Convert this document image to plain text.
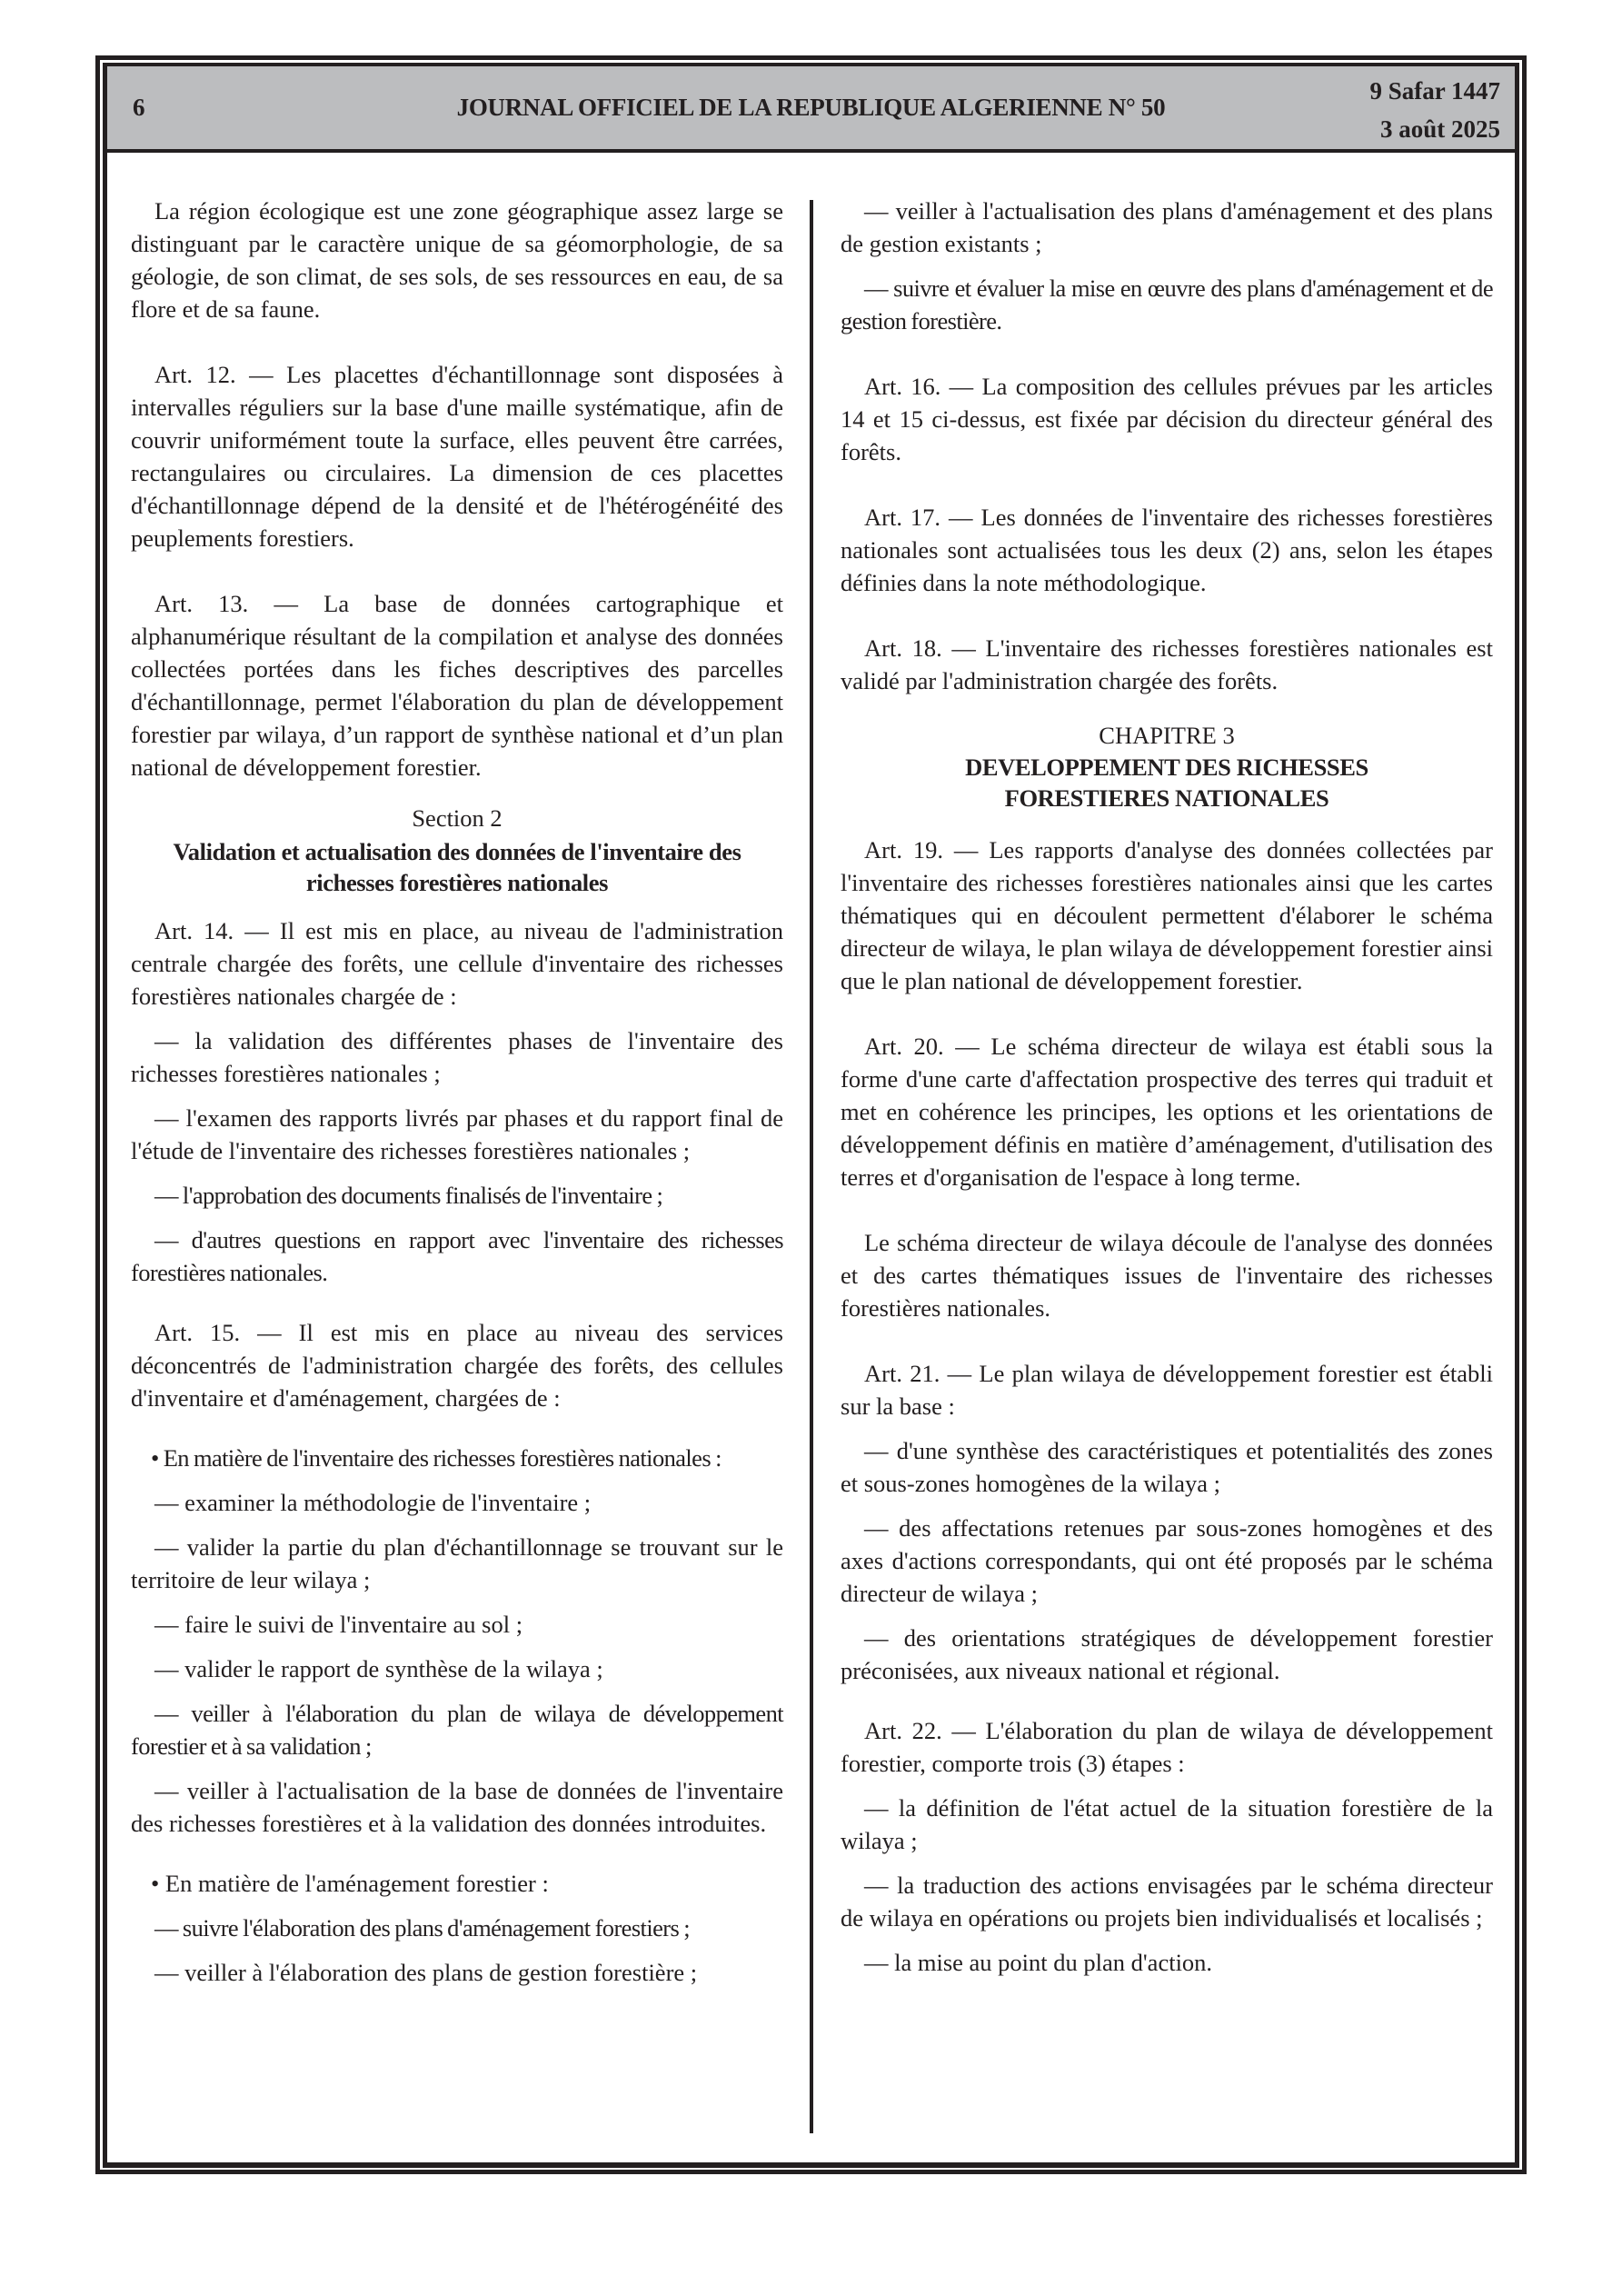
JOURNAL OFFICIEL DE LA REPUBLIQUE ALGERIENNE N° 50
6
9 Safar 1447
3 août 2025

La région écologique est une zone géographique assez large se distinguant par le caractère unique de sa géomorphologie, de sa géologie, de son climat, de ses sols, de ses ressources en eau, de sa flore et de sa faune.

Art. 12. — Les placettes d'échantillonnage sont disposées à intervalles réguliers sur la base d'une maille systématique, afin de couvrir uniformément toute la surface, elles peuvent être carrées, rectangulaires ou circulaires. La dimension de ces placettes d'échantillonnage dépend de la densité et de l'hétérogénéité des peuplements forestiers.

Art. 13. — La base de données cartographique et alphanumérique résultant de la compilation et analyse des données collectées portées dans les fiches descriptives des parcelles d'échantillonnage, permet l'élaboration du plan de développement forestier par wilaya, d’un rapport de synthèse national et d’un plan national de développement forestier.

Section 2

Validation et actualisation des données de l'inventaire des richesses forestières nationales

Art. 14. — Il est mis en place, au niveau de l'administration centrale chargée des forêts, une cellule d'inventaire des richesses forestières nationales chargée de :

— la validation des différentes phases de l'inventaire des richesses forestières nationales ;

— l'examen des rapports livrés par phases et du rapport final de l'étude de l'inventaire des richesses forestières nationales ;

— l'approbation des documents finalisés de l'inventaire ;

— d'autres questions en rapport avec l'inventaire des richesses forestières nationales.

Art. 15. — Il est mis en place au niveau des services déconcentrés de l'administration chargée des forêts, des cellules d'inventaire et d'aménagement, chargées de :

• En matière de l'inventaire des richesses forestières nationales :

— examiner la méthodologie de l'inventaire ;

— valider la partie du plan d'échantillonnage se trouvant sur le territoire de leur wilaya ;

— faire le suivi de l'inventaire au sol ;

— valider le rapport de synthèse de la wilaya ;

— veiller à l'élaboration du plan de wilaya de développement forestier et à sa validation ;

— veiller à l'actualisation de la base de données de l'inventaire des richesses forestières et à la validation des données introduites.

• En matière de l'aménagement forestier :

— suivre l'élaboration des plans d'aménagement forestiers ;

— veiller à l'élaboration des plans de gestion forestière ;

— veiller à l'actualisation des plans d'aménagement et des plans de gestion existants ;

— suivre et évaluer la mise en œuvre des plans d'aménagement et de gestion forestière.

Art. 16. — La composition des cellules prévues par les articles 14 et 15 ci-dessus, est fixée par décision du directeur général des forêts.

Art. 17. — Les données de l'inventaire des richesses forestières nationales sont actualisées tous les deux (2) ans, selon les étapes définies dans la note méthodologique.

Art. 18. — L'inventaire des richesses forestières nationales est validé par l'administration chargée des forêts.

CHAPITRE 3

DEVELOPPEMENT DES RICHESSES

FORESTIERES NATIONALES

Art. 19. — Les rapports d'analyse des données collectées par l'inventaire des richesses forestières nationales ainsi que les cartes thématiques qui en découlent permettent d'élaborer le schéma directeur de wilaya, le plan wilaya de développement forestier ainsi que le plan national de développement forestier.

Art. 20. — Le schéma directeur de wilaya est établi sous la forme d'une carte d'affectation prospective des terres qui traduit et met en cohérence les principes, les options et les orientations de développement définis en matière d’aménagement, d'utilisation des terres et d'organisation de l'espace à long terme.

Le schéma directeur de wilaya découle de l'analyse des données et des cartes thématiques issues de l'inventaire des richesses forestières nationales.

Art. 21. — Le plan wilaya de développement forestier est établi sur la base :

— d'une synthèse des caractéristiques et potentialités des zones et sous-zones homogènes de la wilaya ;

— des affectations retenues par sous-zones homogènes et des axes d'actions correspondants, qui ont été proposés par le schéma directeur de wilaya ;

— des orientations stratégiques de développement forestier préconisées, aux niveaux national et régional.

Art. 22. — L'élaboration du plan de wilaya de développement forestier, comporte trois (3) étapes :

— la définition de l'état actuel de la situation forestière de la wilaya ;

— la traduction des actions envisagées par le schéma directeur de wilaya en opérations ou projets bien individualisés et localisés ;

— la mise au point du plan d'action.
